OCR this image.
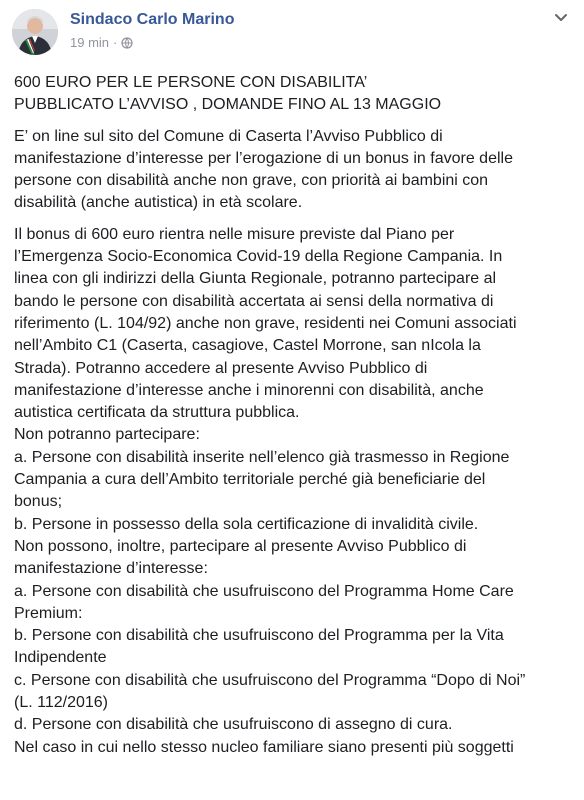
Sindaco Carlo Marino
19 min ·

600 EURO PER LE PERSONE CON DISABILITA’

PUBBLICATO L’AVVISO , DOMANDE FINO AL 13 MAGGIO

E’ on line sul sito del Comune di Caserta l’Avviso Pubblico di

manifestazione d’interesse per l’erogazione di un bonus in favore delle

persone con disabilità anche non grave, con priorità ai bambini con

disabilità (anche autistica) in età scolare.

Il bonus di 600 euro rientra nelle misure previste dal Piano per

l’Emergenza Socio-Economica Covid-19 della Regione Campania. In

linea con gli indirizzi della Giunta Regionale, potranno partecipare al

bando le persone con disabilità accertata ai sensi della normativa di

riferimento (L. 104/92) anche non grave, residenti nei Comuni associati

nell’Ambito C1 (Caserta, casagiove, Castel Morrone, san nIcola la

Strada). Potranno accedere al presente Avviso Pubblico di

manifestazione d’interesse anche i minorenni con disabilità, anche

autistica certificata da struttura pubblica.

Non potranno partecipare:

a. Persone con disabilità inserite nell’elenco già trasmesso in Regione

Campania a cura dell’Ambito territoriale perché già beneficiarie del

bonus;

b. Persone in possesso della sola certificazione di invalidità civile.

Non possono, inoltre, partecipare al presente Avviso Pubblico di

manifestazione d’interesse:

a. Persone con disabilità che usufruiscono del Programma Home Care

Premium:

b. Persone con disabilità che usufruiscono del Programma per la Vita

Indipendente

c. Persone con disabilità che usufruiscono del Programma “Dopo di Noi”

(L. 112/2016)

d. Persone con disabilità che usufruiscono di assegno di cura.

Nel caso in cui nello stesso nucleo familiare siano presenti più soggetti
